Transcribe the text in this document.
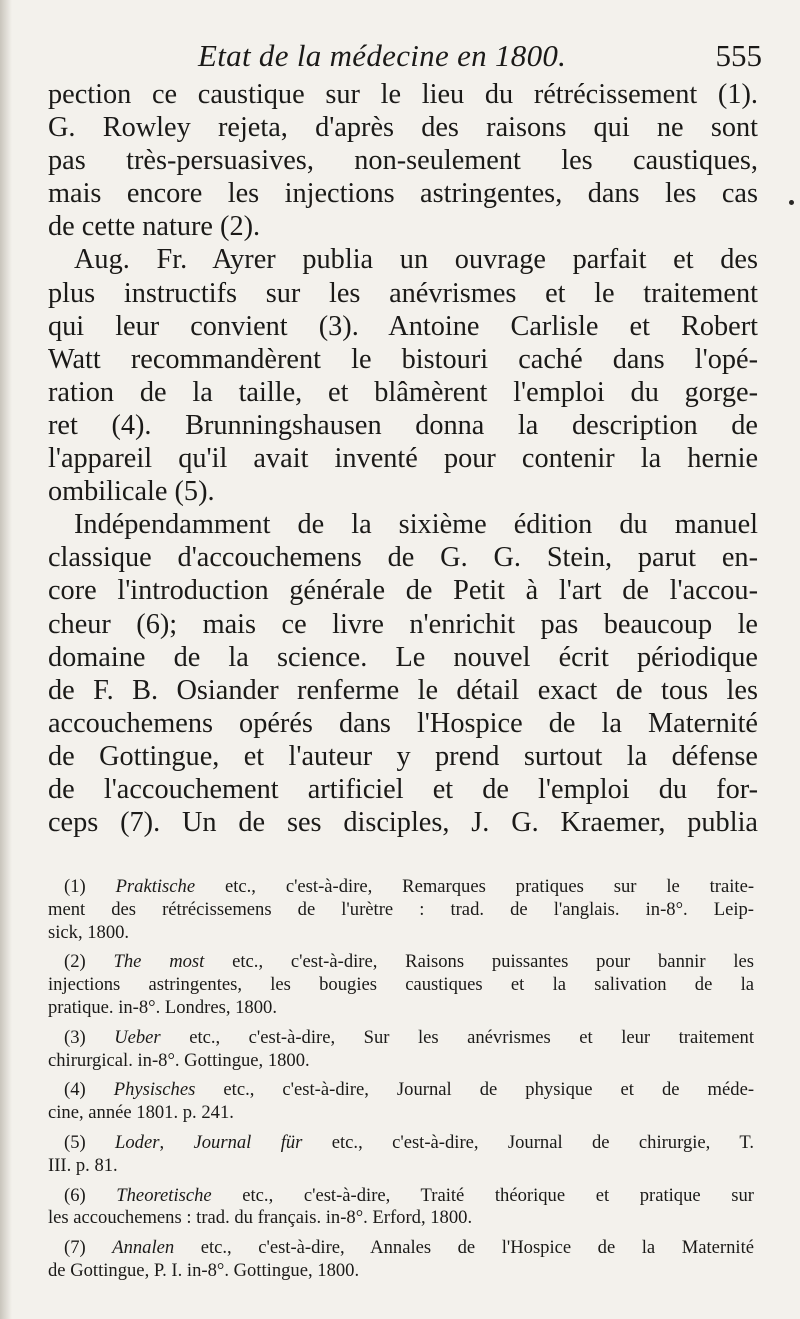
Etat de la médecine en 1800.	555
pection ce caustique sur le lieu du rétrécissement (1).
G. Rowley rejeta, d'après des raisons qui ne sont
pas très-persuasives, non-seulement les caustiques,
mais encore les injections astringentes, dans les cas
de cette nature (2).
Aug. Fr. Ayrer publia un ouvrage parfait et des
plus instructifs sur les anévrismes et le traitement
qui leur convient (3). Antoine Carlisle et Robert
Watt recommandèrent le bistouri caché dans l'opé-
ration de la taille, et blâmèrent l'emploi du gorge-
ret (4). Brunningshausen donna la description de
l'appareil qu'il avait inventé pour contenir la hernie
ombilicale (5).
Indépendamment de la sixième édition du manuel
classique d'accouchemens de G. G. Stein, parut en-
core l'introduction générale de Petit à l'art de l'accou-
cheur (6); mais ce livre n'enrichit pas beaucoup le
domaine de la science. Le nouvel écrit périodique
de F. B. Osiander renferme le détail exact de tous les
accouchemens opérés dans l'Hospice de la Maternité
de Gottingue, et l'auteur y prend surtout la défense
de l'accouchement artificiel et de l'emploi du for-
ceps (7). Un de ses disciples, J. G. Kraemer, publia
(1) Praktische etc., c'est-à-dire, Remarques pratiques sur le traite-
ment des rétrécissemens de l'urètre : trad. de l'anglais. in-8°. Leip-
sick, 1800.
(2) The most etc., c'est-à-dire, Raisons puissantes pour bannir les
injections astringentes, les bougies caustiques et la salivation de la
pratique. in-8°. Londres, 1800.
(3) Ueber etc., c'est-à-dire, Sur les anévrismes et leur traitement
chirurgical. in-8°. Gottingue, 1800.
(4) Physisches etc., c'est-à-dire, Journal de physique et de méde-
cine, année 1801. p. 241.
(5) Loder, Journal für etc., c'est-à-dire, Journal de chirurgie, T.
III. p. 81.
(6) Theoretische etc., c'est-à-dire, Traité théorique et pratique sur
les accouchemens : trad. du français. in-8°. Erford, 1800.
(7) Annalen etc., c'est-à-dire, Annales de l'Hospice de la Maternité
de Gottingue, P. I. in-8°. Gottingue, 1800.
